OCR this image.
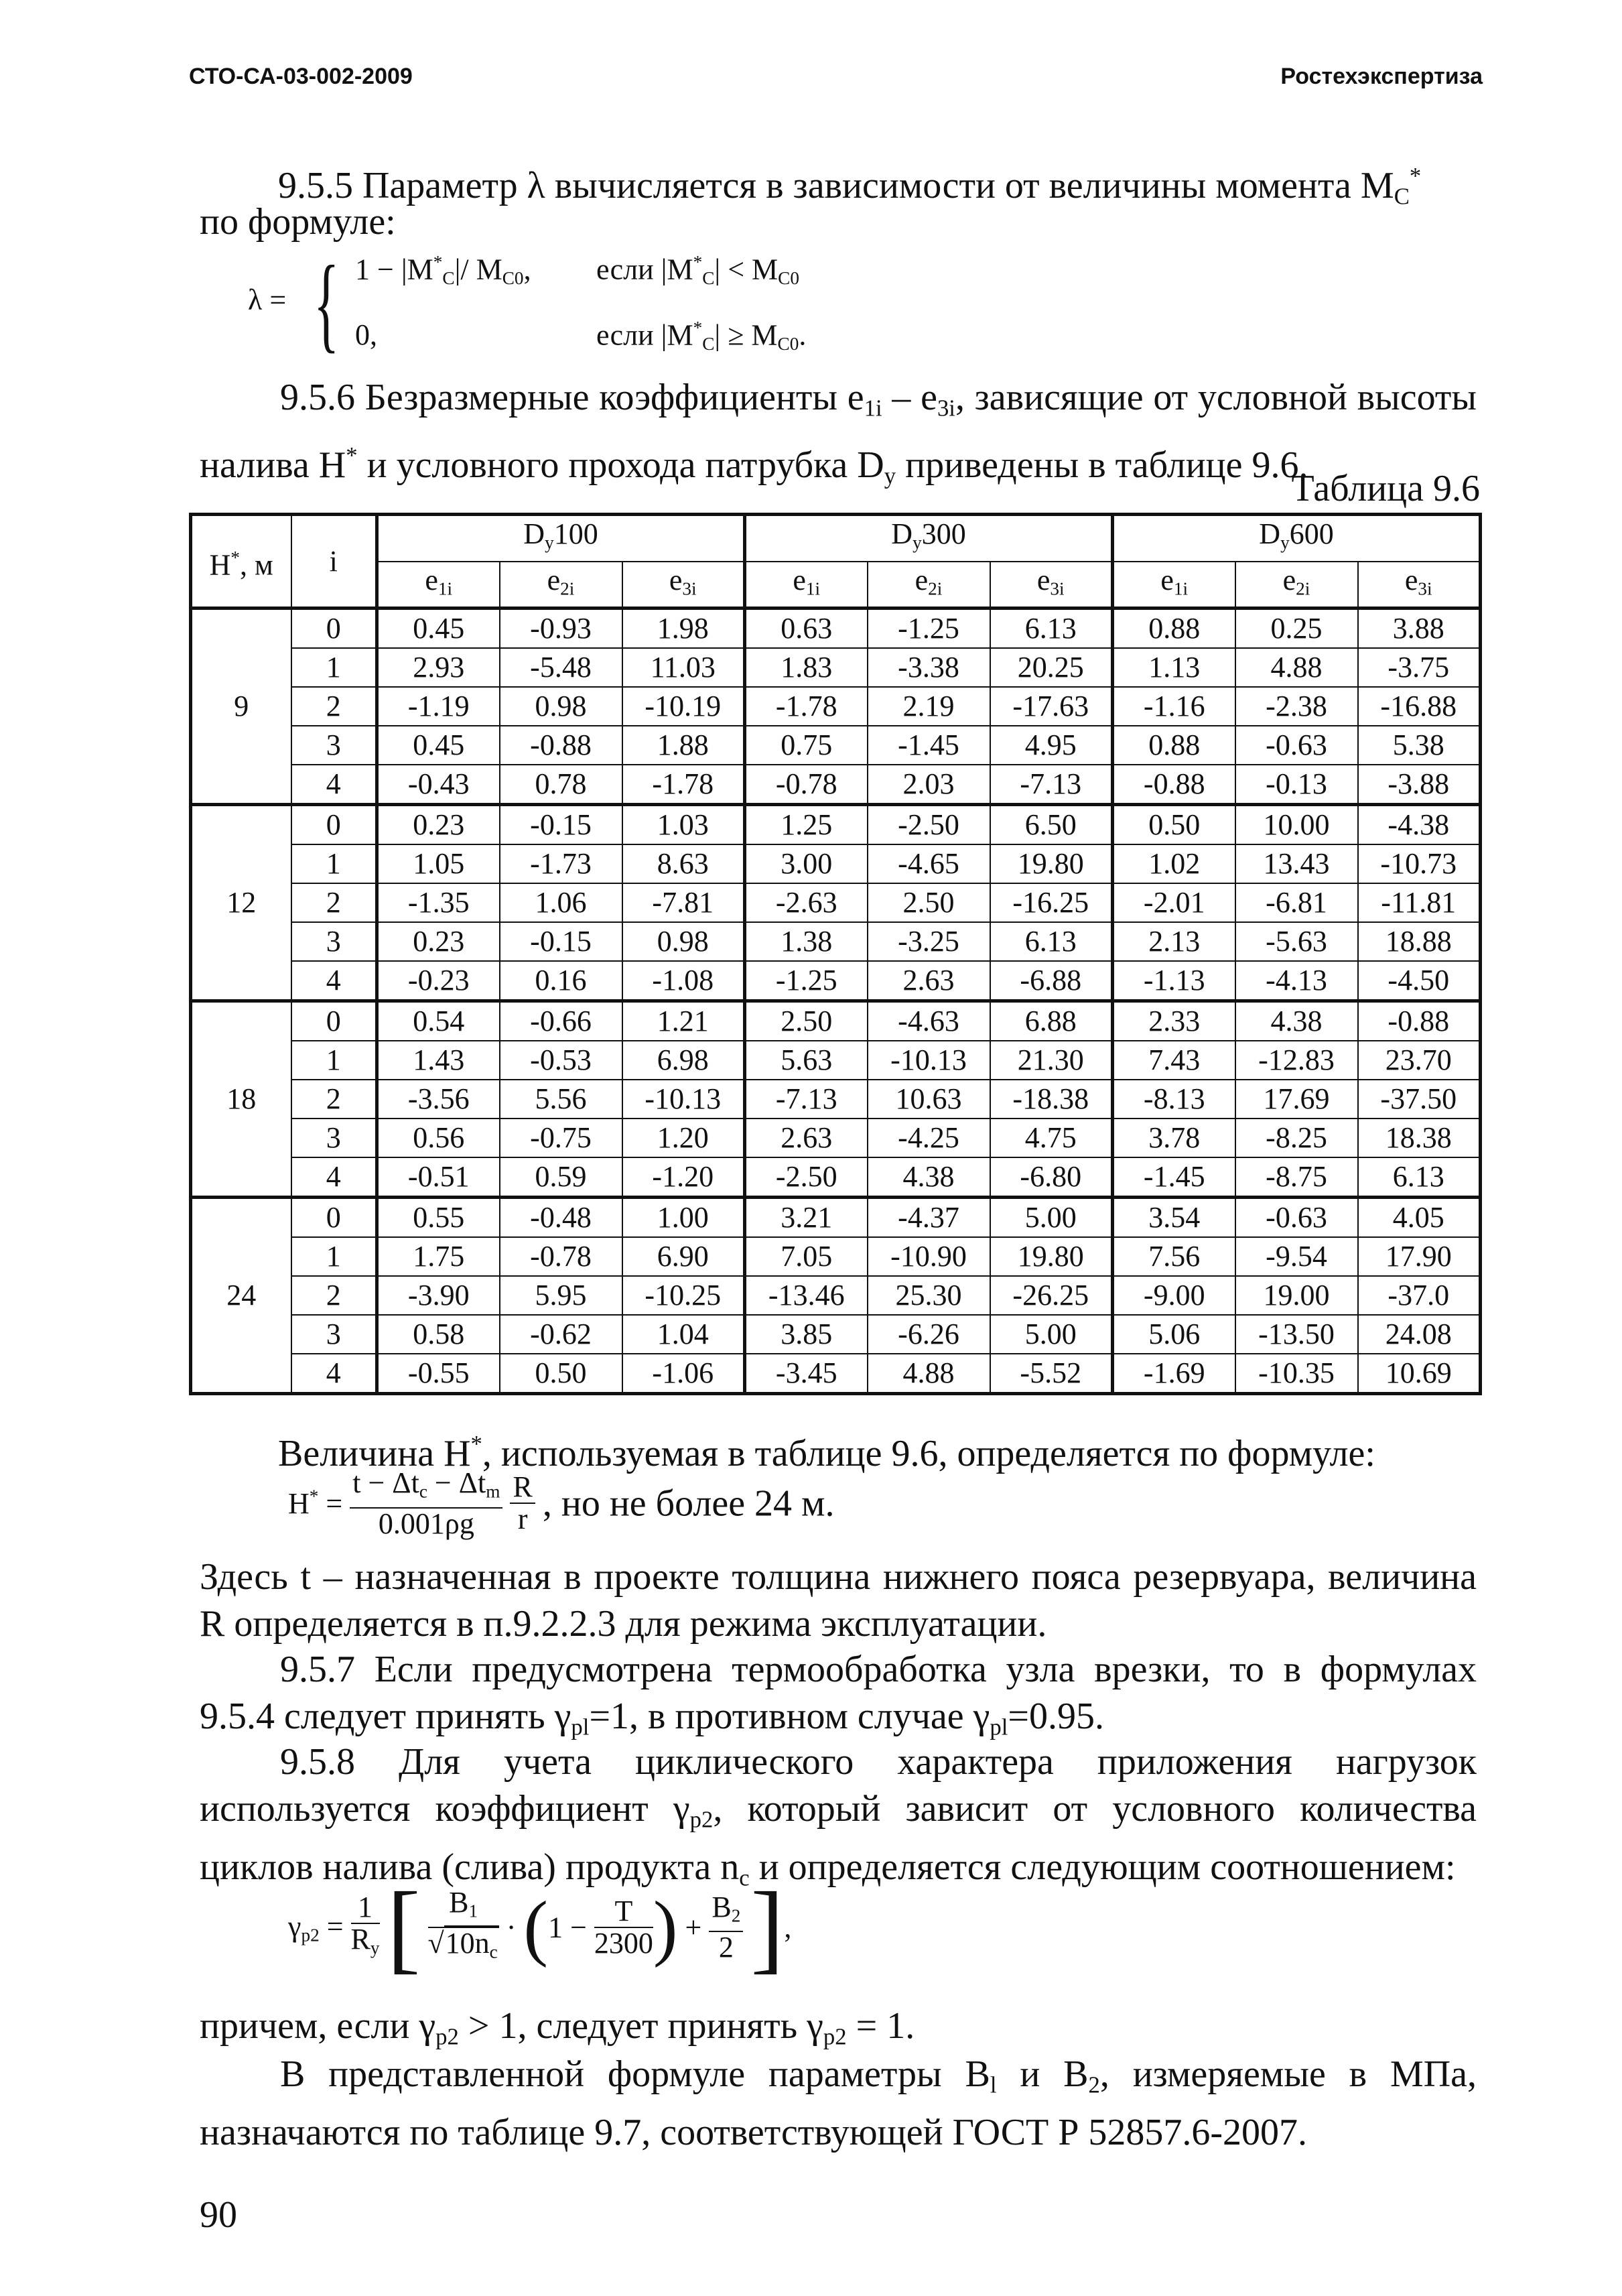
СТО-СА-03-002-2009	Ростехэкспертиза
9.5.5 Параметр λ вычисляется в зависимости от величины момента $M_C^*$
по формуле:
λ = { $1 - |M^*_C|/$ $M_{C0}$, если $|M^*_C| < M_{C0}$
0,	если $|M^*_C| \ge M_{C0}$.

9.5.6 Безразмерные коэффициенты $e_{1i} - e_{3i}$, зависящие от условной высоты налива H* и условного прохода патрубка $D_y$ приведены в таблице 9.6.

Таблица 9.6
H*, м	i	$D_y100$			$D_y300$			$D_y600$		
		$e_{1i}$	$e_{2i}$	$e_{3i}$	$e_{1i}$	$e_{2i}$	$e_{3i}$	$e_{1i}$	$e_{2i}$	$e_{3i}$
9	0	0.45	-0.93	1.98	0.63	-1.25	6.13	0.88	0.25	3.88
	1	2.93	-5.48	11.03	1.83	-3.38	20.25	1.13	4.88	-3.75
	2	-1.19	0.98	-10.19	-1.78	2.19	-17.63	-1.16	-2.38	-16.88
	3	0.45	-0.88	1.88	0.75	-1.45	4.95	0.88	-0.63	5.38
	4	-0.43	0.78	-1.78	-0.78	2.03	-7.13	-0.88	-0.13	-3.88
12	0	0.23	-0.15	1.03	1.25	-2.50	6.50	0.50	10.00	-4.38
	1	1.05	-1.73	8.63	3.00	-4.65	19.80	1.02	13.43	-10.73
	2	-1.35	1.06	-7.81	-2.63	2.50	-16.25	-2.01	-6.81	-11.81
	3	0.23	-0.15	0.98	1.38	-3.25	6.13	2.13	-5.63	18.88
	4	-0.23	0.16	-1.08	-1.25	2.63	-6.88	-1.13	-4.13	-4.50
18	0	0.54	-0.66	1.21	2.50	-4.63	6.88	2.33	4.38	-0.88
	1	1.43	-0.53	6.98	5.63	-10.13	21.30	7.43	-12.83	23.70
	2	-3.56	5.56	-10.13	-7.13	10.63	-18.38	-8.13	17.69	-37.50
	3	0.56	-0.75	1.20	2.63	-4.25	4.75	3.78	-8.25	18.38
	4	-0.51	0.59	-1.20	-2.50	4.38	-6.80	-1.45	-8.75	6.13
24	0	0.55	-0.48	1.00	3.21	-4.37	5.00	3.54	-0.63	4.05
	1	1.75	-0.78	6.90	7.05	-10.90	19.80	7.56	-9.54	17.90
	2	-3.90	5.95	-10.25	-13.46	25.30	-26.25	-9.00	19.00	-37.0
	3	0.58	-0.62	1.04	3.85	-6.26	5.00	5.06	-13.50	24.08
	4	-0.55	0.50	-1.06	-3.45	4.88	-5.52	-1.69	-10.35	10.69
Величина H*, используемая в таблице 9.6, определяется по формуле:
$H^* = \frac{t - \Delta t_c - \Delta t_m}{0.001\rho g}$
$\frac{R}{r}$ , но не более 24 м.

Здесь t – назначенная в проекте толщина нижнего пояса резервуара, величина R определяется в п.9.2.2.3 для режима эксплуатации.

9.5.7 Если предусмотрена термообработка узла врезки, то в формулах 9.5.4 следует принять $\gamma_{pl}=1$, в противном случае $\gamma_{pl}=0.95$.

9.5.8 Для учета циклического характера приложения нагрузок используется коэффициент $\gamma_{p2}$, который зависит от условного количества циклов налива (слива) продукта $n_c$ и определяется следующим соотношением:

$\gamma_{p2} = \frac{1}{R_y}$ [ $\frac{B_1}{√10n_c} \cdot (1 - \frac{T}{2300}$ ) + $\frac{B_2}{2}$ ],
причем, если $\gamma_{p2} > 1$, следует принять $\gamma_{p2} = 1$.

В представленной формуле параметры $B_l$ и $B_2$, измеряемые в МПа, назначаются по таблице 9.7, соответствующей ГОСТ Р 52857.6-2007.

90
